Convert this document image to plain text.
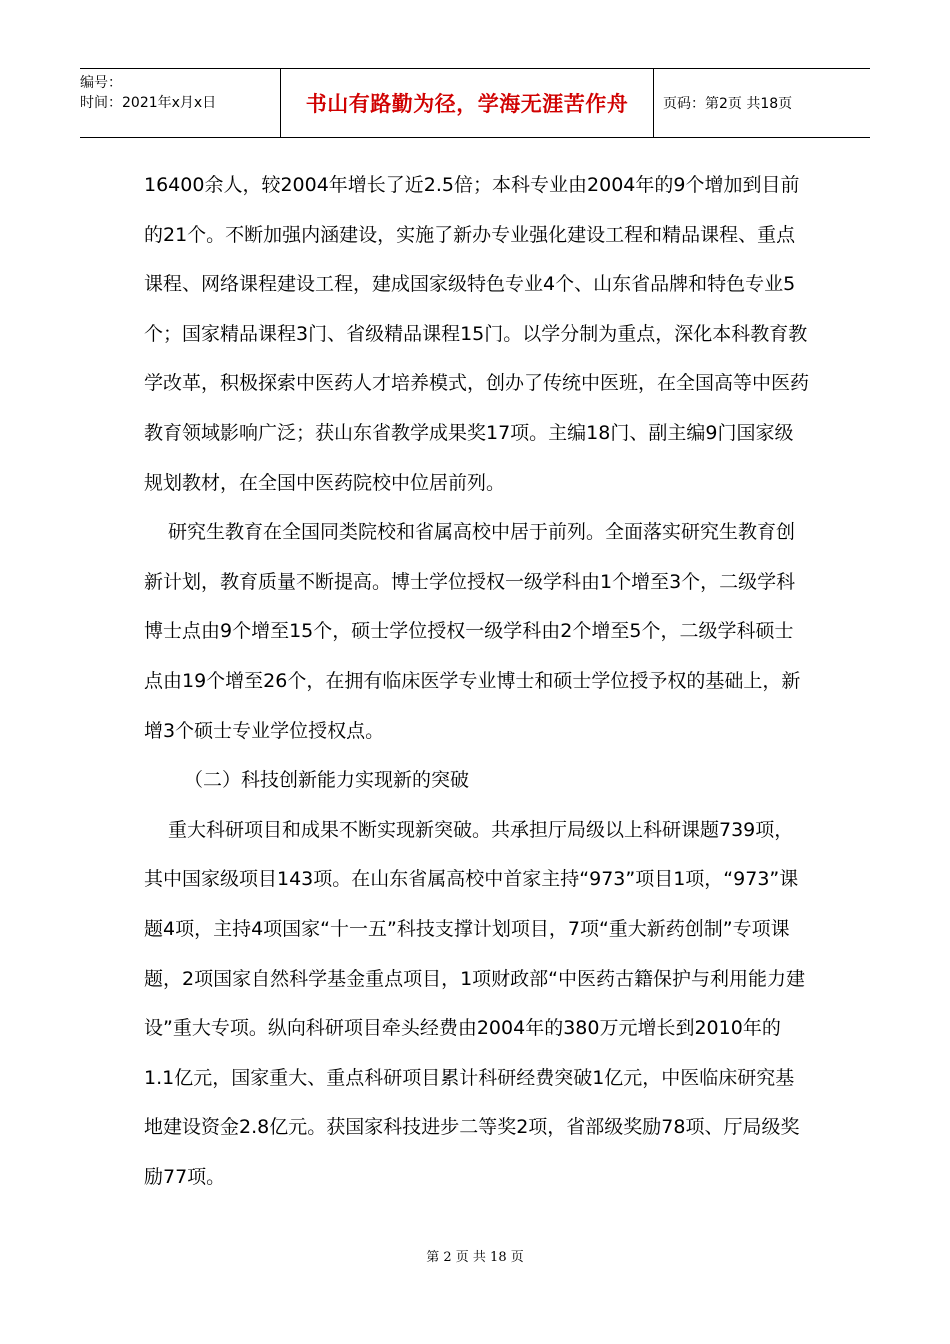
编号：
时间：2021年x月x日	书山有路勤为径，学海无涯苦作舟	页码：第2页 共18页

16400余人，较2004年增长了近2.5倍；本科专业由2004年的9个增加到目前的21个。不断加强内涵建设，实施了新办专业强化建设工程和精品课程、重点课程、网络课程建设工程，建成国家级特色专业4个、山东省品牌和特色专业5个；国家精品课程3门、省级精品课程15门。以学分制为重点，深化本科教育教学改革，积极探索中医药人才培养模式，创办了传统中医班，在全国高等中医药教育领域影响广泛；获山东省教学成果奖17项。主编18门、副主编9门国家级规划教材，在全国中医药院校中位居前列。

研究生教育在全国同类院校和省属高校中居于前列。全面落实研究生教育创新计划，教育质量不断提高。博士学位授权一级学科由1个增至3个，二级学科博士点由9个增至15个，硕士学位授权一级学科由2个增至5个，二级学科硕士点由19个增至26个，在拥有临床医学专业博士和硕士学位授予权的基础上，新增3个硕士专业学位授权点。

（二）科技创新能力实现新的突破

重大科研项目和成果不断实现新突破。共承担厅局级以上科研课题739项，其中国家级项目143项。在山东省属高校中首家主持“973”项目1项，“973”课题4项，主持4项国家“十一五”科技支撑计划项目，7项“重大新药创制”专项课题，2项国家自然科学基金重点项目，1项财政部“中医药古籍保护与利用能力建设”重大专项。纵向科研项目牵头经费由2004年的380万元增长到2010年的1.1亿元，国家重大、重点科研项目累计科研经费突破1亿元，中医临床研究基地建设资金2.8亿元。获国家科技进步二等奖2项，省部级奖励78项、厅局级奖励77项。

第 2 页 共 18 页
